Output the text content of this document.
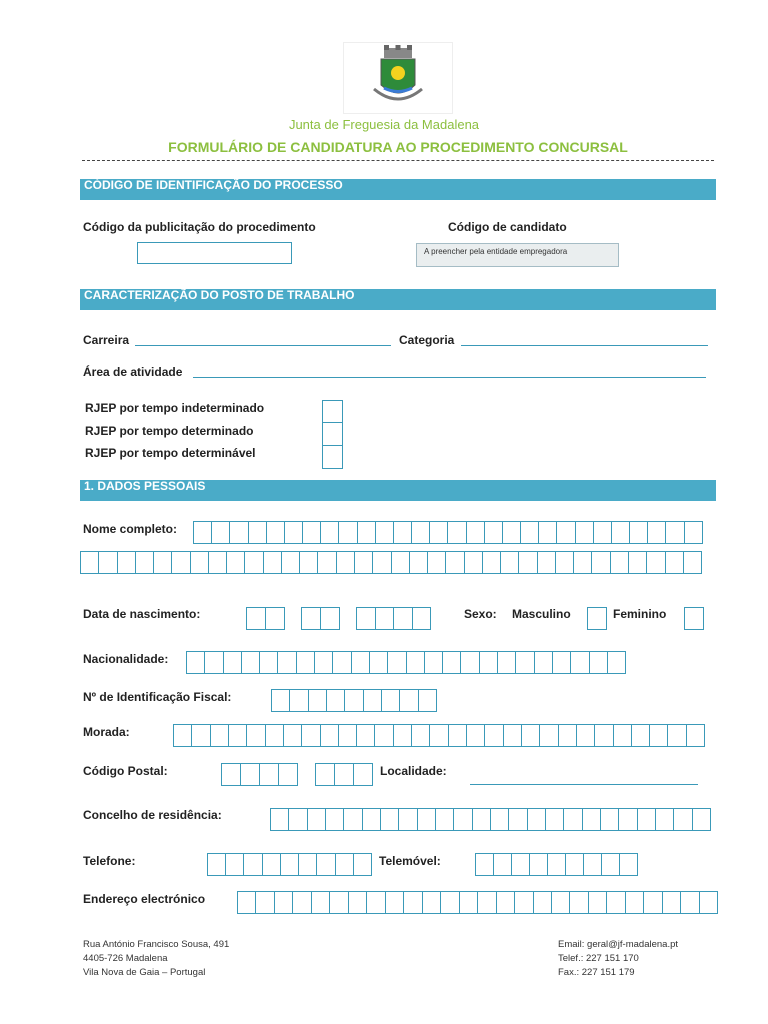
Junta de Freguesia da Madalena
FORMULÁRIO DE CANDIDATURA AO PROCEDIMENTO CONCURSAL
CÓDIGO DE IDENTIFICAÇÃO DO PROCESSO
Código da publicitação do procedimento	Código de candidato
A preencher pela entidade empregadora
CARACTERIZAÇÃO DO POSTO DE TRABALHO
Carreira	Categoria
Área de atividade
RJEP por tempo indeterminado
RJEP por tempo determinado
RJEP por tempo determinável
1. DADOS PESSOAIS
Nome completo:
Data de nascimento:	Sexo: Masculino	Feminino
Nacionalidade:
Nº de Identificação Fiscal:
Morada:
Código Postal:	Localidade:
Concelho de residência:
Telefone:	Telemóvel:
Endereço electrónico
Rua António Francisco Sousa, 491
4405-726 Madalena
Vila Nova de Gaia – Portugal
Email: geral@jf-madalena.pt
Telef.: 227 151 170
Fax.: 227 151 179
